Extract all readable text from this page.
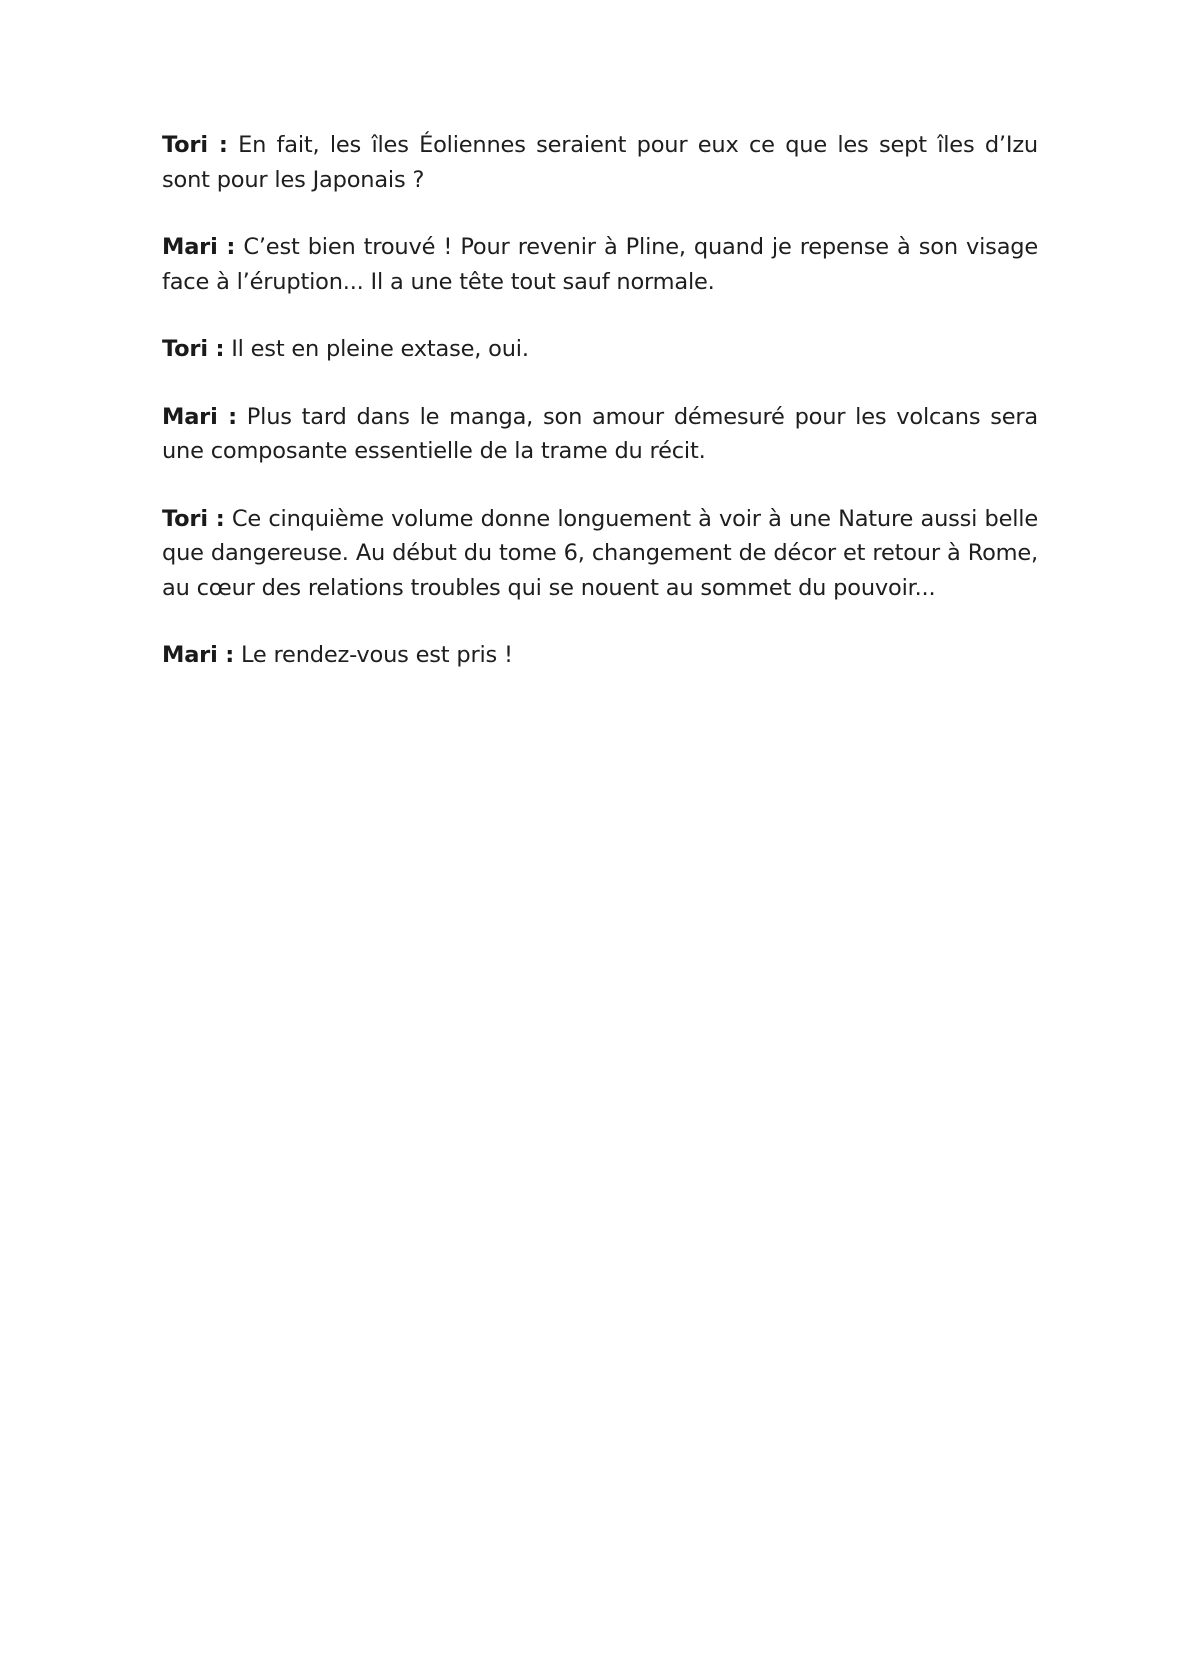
Tori : En fait, les îles Éoliennes seraient pour eux ce que les sept îles d’Izu sont pour les Japonais ?

Mari : C’est bien trouvé ! Pour revenir à Pline, quand je repense à son visage face à l’éruption... Il a une tête tout sauf normale.

Tori : Il est en pleine extase, oui.

Mari : Plus tard dans le manga, son amour démesuré pour les volcans sera une composante essentielle de la trame du récit.

Tori : Ce cinquième volume donne longuement à voir à une Nature aussi belle que dangereuse. Au début du tome 6, changement de décor et retour à Rome, au cœur des relations troubles qui se nouent au sommet du pouvoir...

Mari : Le rendez-vous est pris !
